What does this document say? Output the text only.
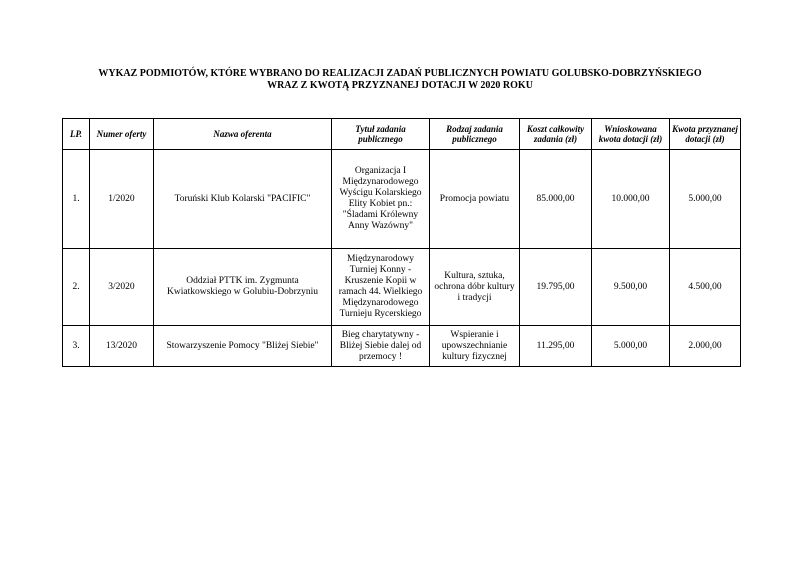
WYKAZ PODMIOTÓW, KTÓRE WYBRANO DO REALIZACJI ZADAŃ PUBLICZNYCH POWIATU GOLUBSKO-DOBRZYŃSKIEGO
WRAZ Z KWOTĄ PRZYZNANEJ DOTACJI W 2020 ROKU
LP.	Numer oferty	Nazwa oferenta	Tytuł zadania publicznego	Rodzaj zadania publicznego	Koszt całkowity zadania (zł)	Wnioskowana kwota dotacji (zł)	Kwota przyznanej dotacji (zł)
1.	1/2020	Toruński Klub Kolarski "PACIFIC"	Organizacja I Międzynarodowego Wyścigu Kolarskiego Elity Kobiet pn.: "Śladami Królewny Anny Wazówny"	Promocja powiatu	85.000,00	10.000,00	5.000,00
2.	3/2020	Oddział PTTK im. Zygmunta Kwiatkowskiego w Golubiu-Dobrzyniu	Międzynarodowy Turniej Konny - Kruszenie Kopii w ramach 44. Wielkiego Międzynarodowego Turnieju Rycerskiego	Kultura, sztuka, ochrona dóbr kultury i tradycji	19.795,00	9.500,00	4.500,00
3.	13/2020	Stowarzyszenie Pomocy "Bliżej Siebie"	Bieg charytatywny - Bliżej Siebie dalej od przemocy !	Wspieranie i upowszechnianie kultury fizycznej	11.295,00	5.000,00	2.000,00
